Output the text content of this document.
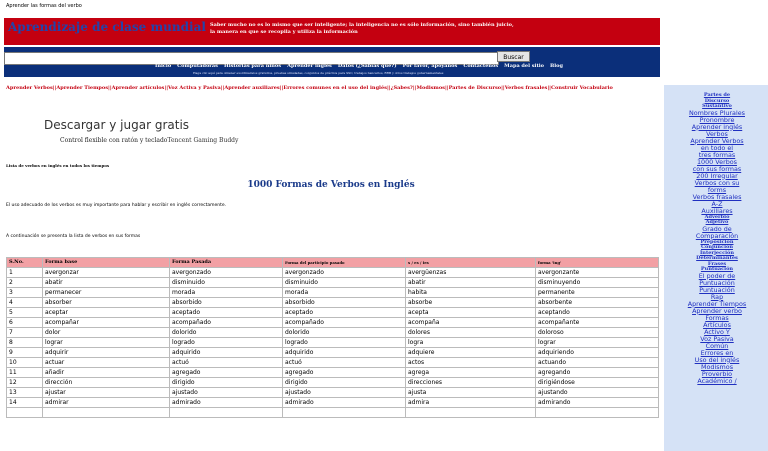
Aprender las formas del verbo
Aprendizaje de clase mundial Saber mucho no es lo mismo que ser inteligente; la inteligencia no es sólo información, sino también juicio,
la manera en que se recopila y utiliza la información
Buscar
Inicio Computadoras Historias para niños Aprender inglés Datos (¿Sabías que?) Por favor, apóyanos Contáctenos Mapa del sitio Blog
Haga clic aquí para obtener exordinaraios gratuitos, pruebas simuladas, conjuntos de práctica para SSC, trabajos bancarios, RRB y otros trabajos gubernamentales
Aprender Verbos||Aprender Tiempos||Aprender artículos||Voz Activa y Pasiva||Aprender auxiliares||Errores comunes en el uso del inglés||¿Sabes?||Modismos||Partes de Discurso||Verbos frasales||Construir Vocabulario
Descargar y jugar gratis
Control flexible con ratón y tecladoTencent Gaming Buddy
Lista de verbos en inglés en todos los tiempos
1000 Formas de Verbos en Inglés
El uso adecuado de los verbos es muy importante para hablar y escribir en inglés correctamente.
A continuación se presenta la lista de verbos en sus formas
S.No.	Forma base	Forma Pasada	Forma del participio pasado	s / es / ies	forma 'ing'
1	avergonzar	avergonzado	avergonzado	avergüenzas	avergonzante
2	abatir	disminuido	disminuido	abatir	disminuyendo
3	permanecer	morada	morada	habita	permanente
4	absorber	absorbido	absorbido	absorbe	absorbente
5	aceptar	aceptado	aceptado	acepta	aceptando
6	acompañar	acompañado	acompañado	acompaña	acompañante
7	dolor	dolorido	dolorido	dolores	doloroso
8	lograr	logrado	logrado	logra	lograr
9	adquirir	adquirido	adquirido	adquiere	adquiriendo
10	actuar	actuó	actuó	actos	actuando
11	añadir	agregado	agregado	agrega	agregando
12	dirección	dirigido	dirigido	direcciones	dirigiéndose
13	ajustar	ajustado	ajustado	ajusta	ajustando
14	admirar	admirado	admirado	admira	admirando

Partes de
Discurso
Sustantivo
Nombres Plurales
Pronombre
Aprender inglés
Verbos
Aprender Verbos
en todo el
tres formas
1000 Verbos
con sus formas
200 Irregular
Verbos con su
forms
Verbos frasales
A-Z
Auxiliares
Adverbio
Adjetivo
Grado de
Comparación
Preposición
Conjunción
Interjección
Determinantes
Frases
Puntuación
El poder de
Puntuación
Puntuación
Rap
Aprender Tiempos
Aprender verbo
Formas
Artículos
Activo Y
Voz Pasiva
Común
Errores en
Uso del inglés
Modismos
Proverbio
Académico /
